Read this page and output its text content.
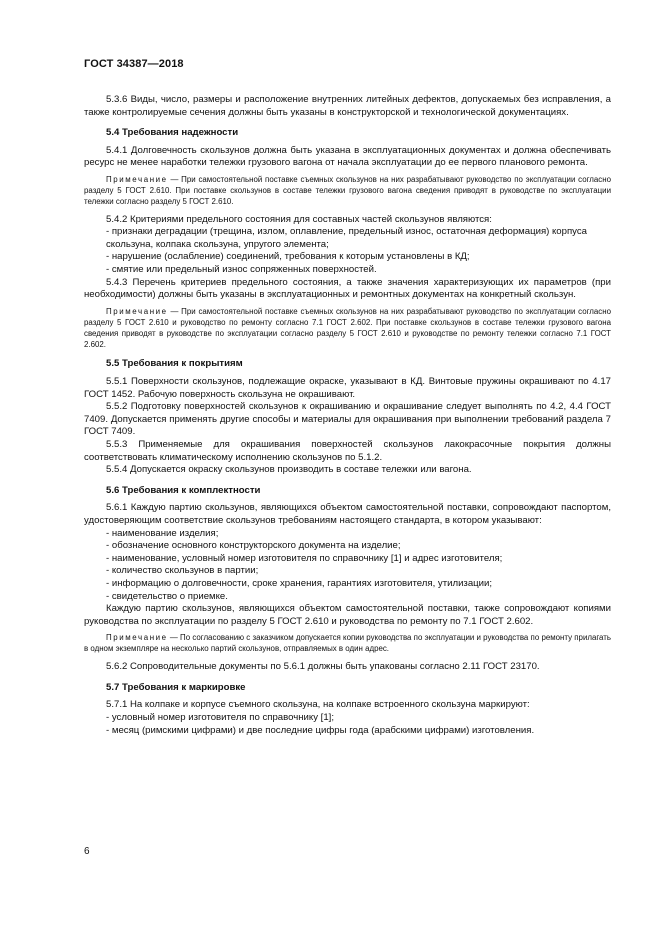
ГОСТ 34387—2018

5.3.6 Виды, число, размеры и расположение внутренних литейных дефектов, допускаемых без исправления, а также контролируемые сечения должны быть указаны в конструкторской и технологической документациях.

5.4 Требования надежности

5.4.1 Долговечность скользунов должна быть указана в эксплуатационных документах и должна обеспечивать ресурс не менее наработки тележки грузового вагона от начала эксплуатации до ее первого планового ремонта.

Примечание — При самостоятельной поставке съемных скользунов на них разрабатывают руководство по эксплуатации согласно разделу 5 ГОСТ 2.610. При поставке скользунов в составе тележки грузового вагона сведения приводят в руководстве по эксплуатации тележки согласно разделу 5 ГОСТ 2.610.

5.4.2 Критериями предельного состояния для составных частей скользунов являются:

- признаки деградации (трещина, излом, оплавление, предельный износ, остаточная деформация) корпуса скользуна, колпака скользуна, упругого элемента;

- нарушение (ослабление) соединений, требования к которым установлены в КД;

- смятие или предельный износ сопряженных поверхностей.

5.4.3 Перечень критериев предельного состояния, а также значения характеризующих их параметров (при необходимости) должны быть указаны в эксплуатационных и ремонтных документах на конкретный скользун.

Примечание — При самостоятельной поставке съемных скользунов на них разрабатывают руководство по эксплуатации согласно разделу 5 ГОСТ 2.610 и руководство по ремонту согласно 7.1 ГОСТ 2.602. При поставке скользунов в составе тележки грузового вагона сведения приводят в руководстве по эксплуатации согласно разделу 5 ГОСТ 2.610 и руководстве по ремонту тележки согласно 7.1 ГОСТ 2.602.

5.5 Требования к покрытиям

5.5.1 Поверхности скользунов, подлежащие окраске, указывают в КД. Винтовые пружины окрашивают по 4.17 ГОСТ 1452. Рабочую поверхность скользуна не окрашивают.

5.5.2 Подготовку поверхностей скользунов к окрашиванию и окрашивание следует выполнять по 4.2, 4.4 ГОСТ 7409. Допускается применять другие способы и материалы для окрашивания при выполнении требований раздела 7 ГОСТ 7409.

5.5.3 Применяемые для окрашивания поверхностей скользунов лакокрасочные покрытия должны соответствовать климатическому исполнению скользунов по 5.1.2.

5.5.4 Допускается окраску скользунов производить в составе тележки или вагона.

5.6 Требования к комплектности

5.6.1 Каждую партию скользунов, являющихся объектом самостоятельной поставки, сопровождают паспортом, удостоверяющим соответствие скользунов требованиям настоящего стандарта, в котором указывают:

- наименование изделия;

- обозначение основного конструкторского документа на изделие;

- наименование, условный номер изготовителя по справочнику [1] и адрес изготовителя;

- количество скользунов в партии;

- информацию о долговечности, сроке хранения, гарантиях изготовителя, утилизации;

- свидетельство о приемке.

Каждую партию скользунов, являющихся объектом самостоятельной поставки, также сопровождают копиями руководства по эксплуатации по разделу 5 ГОСТ 2.610 и руководства по ремонту по 7.1 ГОСТ 2.602.

Примечание — По согласованию с заказчиком допускается копии руководства по эксплуатации и руководства по ремонту прилагать в одном экземпляре на несколько партий скользунов, отправляемых в один адрес.

5.6.2 Сопроводительные документы по 5.6.1 должны быть упакованы согласно 2.11 ГОСТ 23170.

5.7 Требования к маркировке

5.7.1 На колпаке и корпусе съемного скользуна, на колпаке встроенного скользуна маркируют:

- условный номер изготовителя по справочнику [1];

- месяц (римскими цифрами) и две последние цифры года (арабскими цифрами) изготовления.

6
